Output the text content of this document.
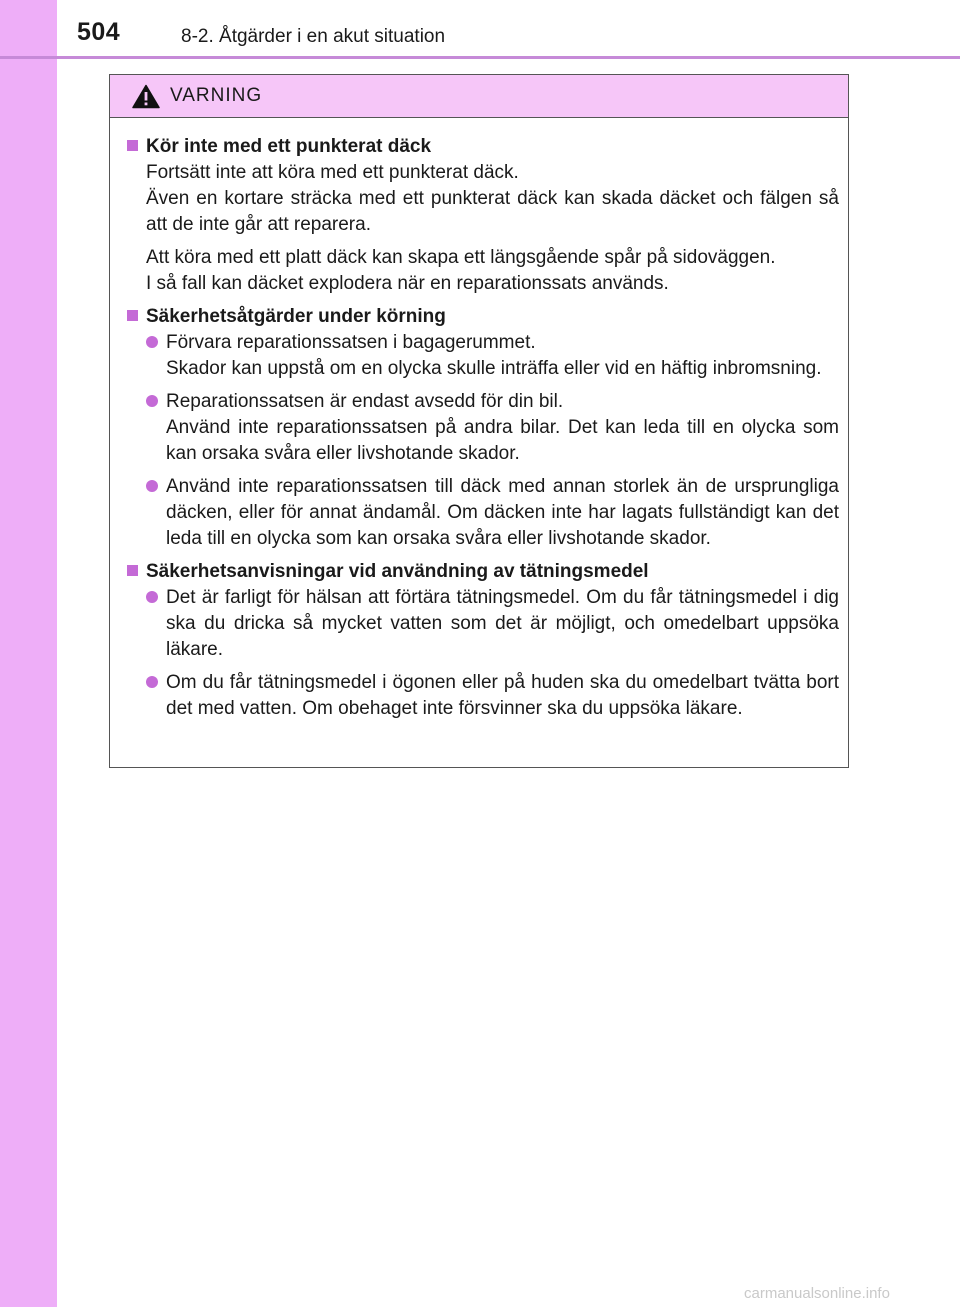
504	8-2. Åtgärder i en akut situation
VARNING
Kör inte med ett punkterat däck

Fortsätt inte att köra med ett punkterat däck.
Även en kortare sträcka med ett punkterat däck kan skada däcket och fälgen så att de inte går att reparera.

Att köra med ett platt däck kan skapa ett längsgående spår på sidoväggen.
I så fall kan däcket explodera när en reparationssats används.

Säkerhetsåtgärder under körning
Förvara reparationssatsen i bagagerummet.
Skador kan uppstå om en olycka skulle inträffa eller vid en häftig inbromsning.
Reparationssatsen är endast avsedd för din bil.
Använd inte reparationssatsen på andra bilar. Det kan leda till en olycka som kan orsaka svåra eller livshotande skador.
Använd inte reparationssatsen till däck med annan storlek än de ursprungliga däcken, eller för annat ändamål. Om däcken inte har lagats fullständigt kan det leda till en olycka som kan orsaka svåra eller livshotande skador.
Säkerhetsanvisningar vid användning av tätningsmedel
Det är farligt för hälsan att förtära tätningsmedel. Om du får tätningsmedel i dig ska du dricka så mycket vatten som det är möjligt, och omedelbart uppsöka läkare.
Om du får tätningsmedel i ögonen eller på huden ska du omedelbart tvätta bort det med vatten. Om obehaget inte försvinner ska du uppsöka läkare.
carmanualsonline.info
